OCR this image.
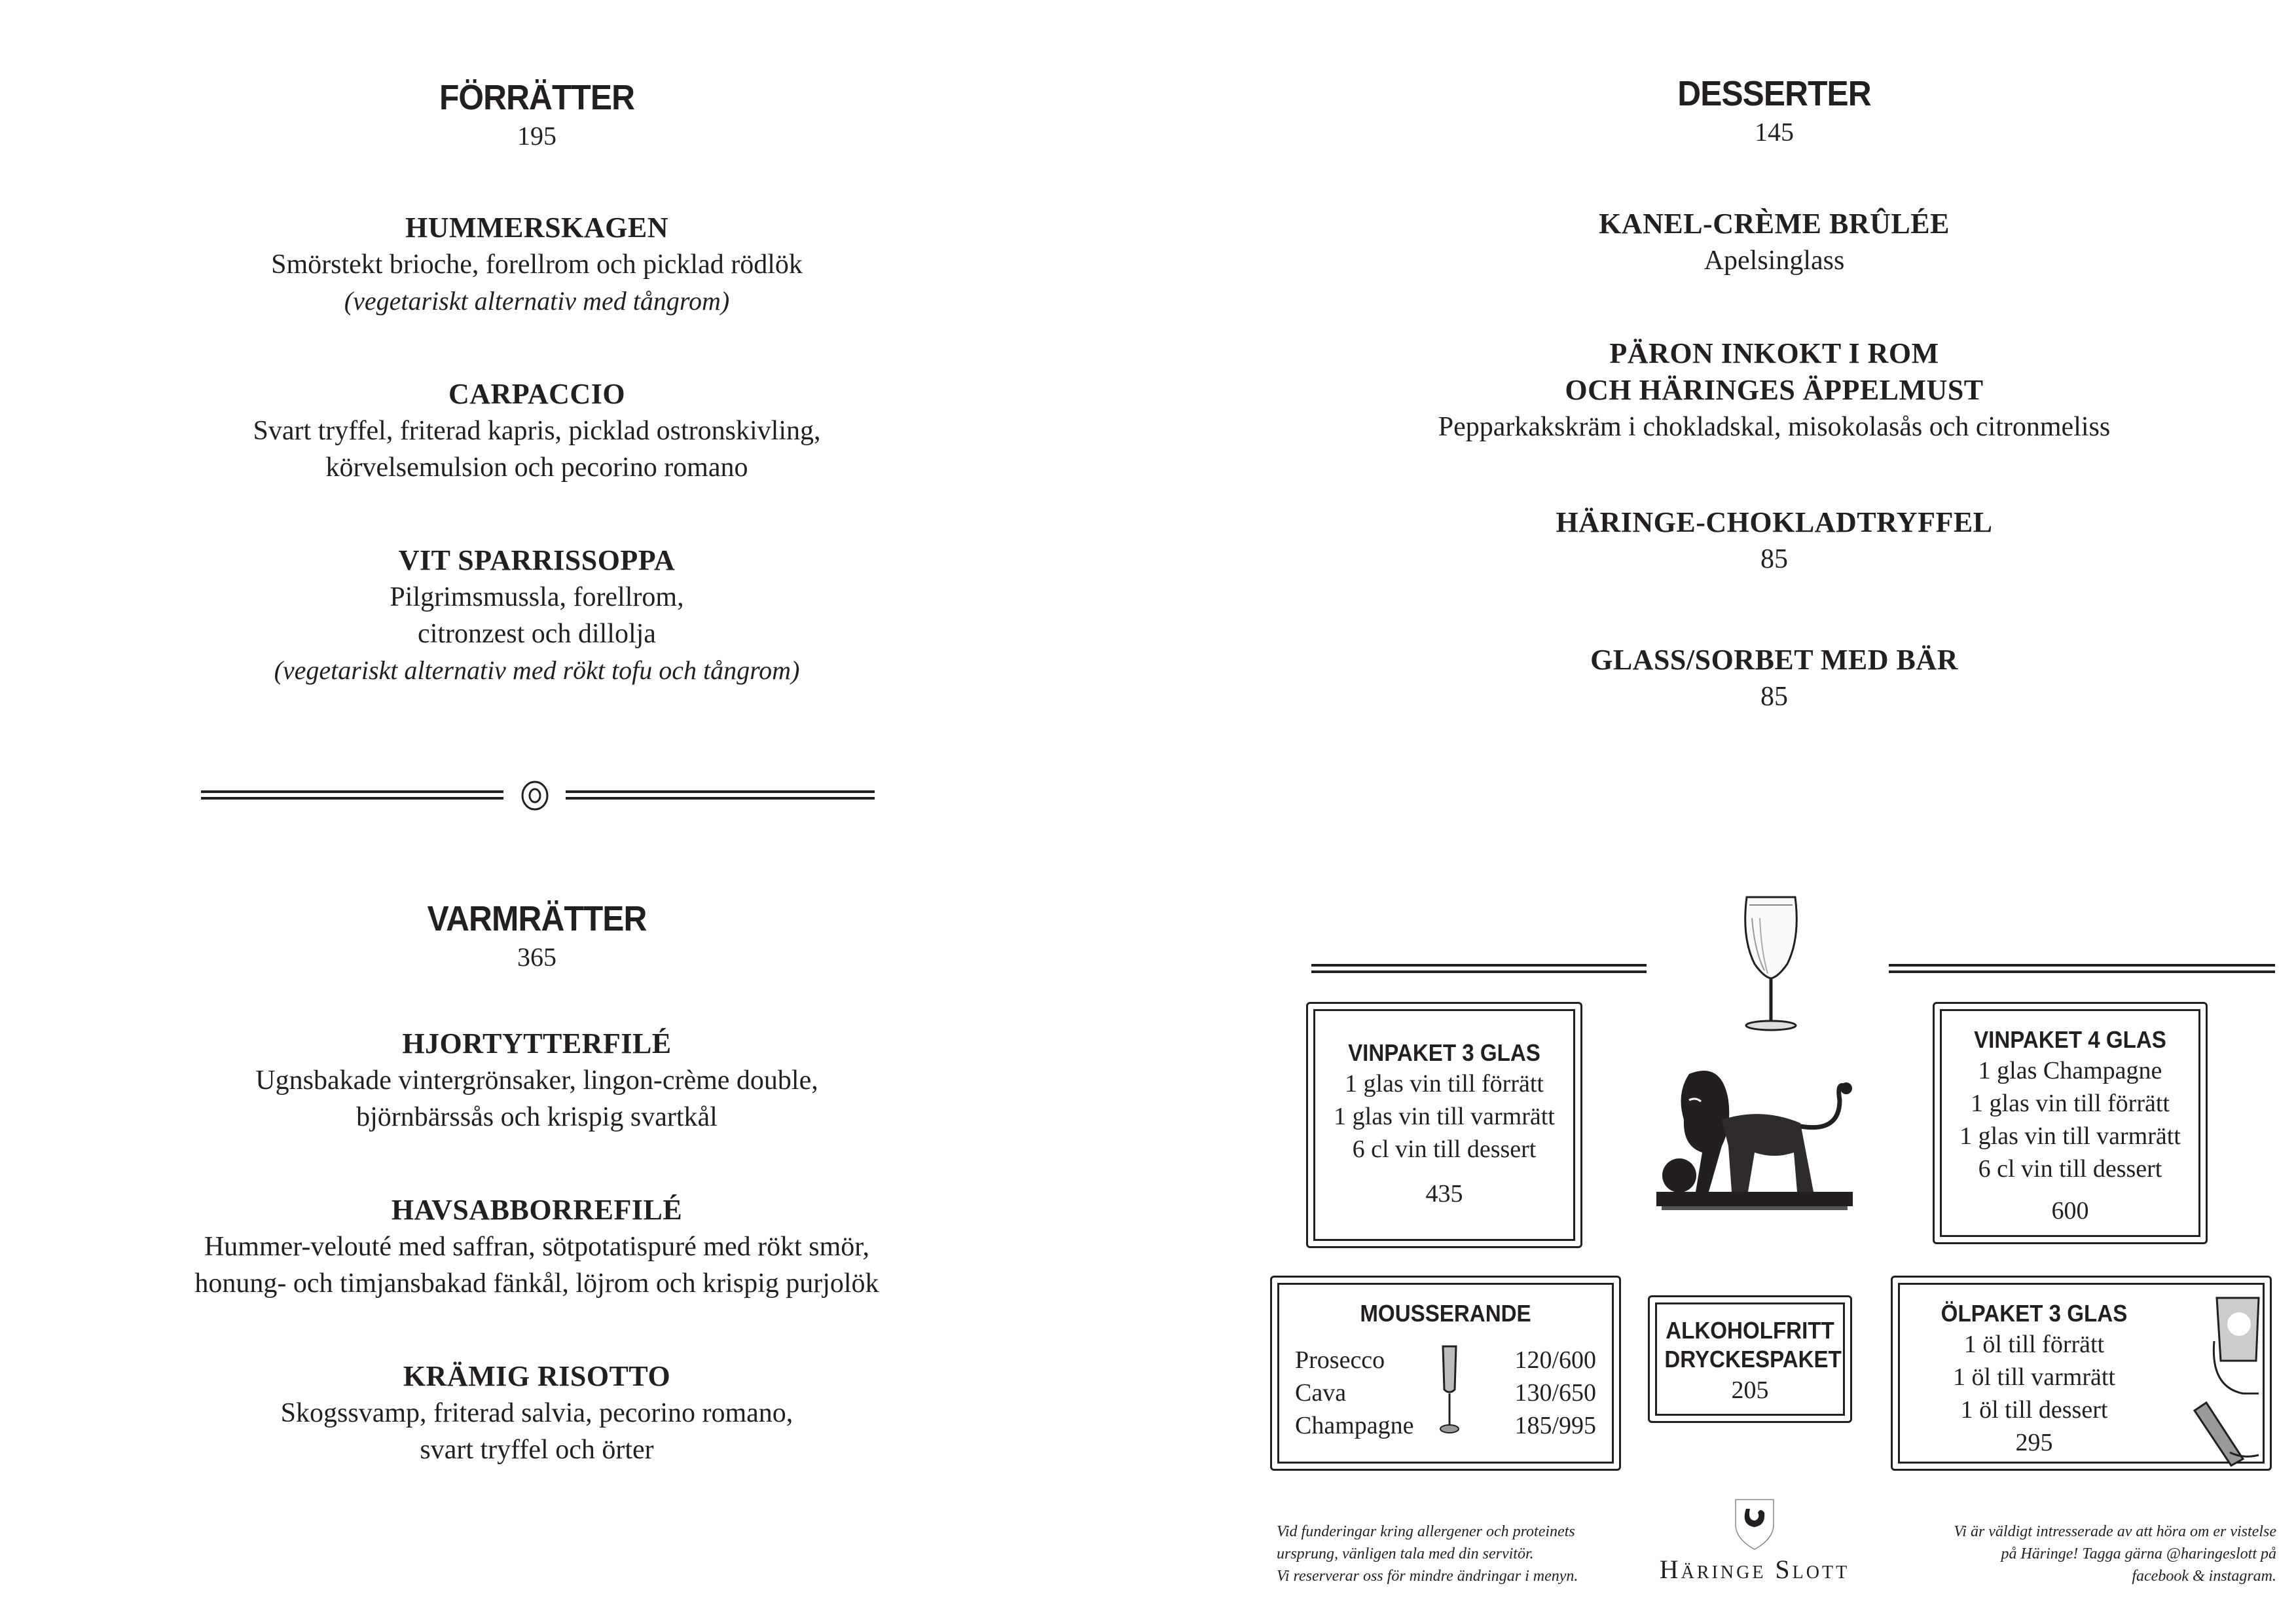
FÖRRÄTTER
195
HUMMERSKAGEN
Smörstekt brioche, forellrom och picklad rödlök
(vegetariskt alternativ med tångrom)
CARPACCIO
Svart tryffel, friterad kapris, picklad ostronskivling,
körvelsemulsion och pecorino romano
VIT SPARRISSOPPA
Pilgrimsmussla, forellrom,
citronzest och dillolja
(vegetariskt alternativ med rökt tofu och tångrom)
VARMRÄTTER
365
HJORTYTTERFILÉ
Ugnsbakade vintergrönsaker, lingon-crème double,
björnbärssås och krispig svartkål
HAVSABBORREFILÉ
Hummer-velouté med saffran, sötpotatispuré med rökt smör,
honung- och timjansbakad fänkål, löjrom och krispig purjolök
KRÄMIG RISOTTO
Skogssvamp, friterad salvia, pecorino romano,
svart tryffel och örter
DESSERTER
145
KANEL-CRÈME BRÛLÉE
Apelsinglass
PÄRON INKOKT I ROM
OCH HÄRINGES ÄPPELMUST
Pepparkakskräm i chokladskal, misokolasås och citronmeliss
HÄRINGE-CHOKLADTRYFFEL
85
GLASS/SORBET MED BÄR
85
VINPAKET 3 GLAS
1 glas vin till förrätt
1 glas vin till varmrätt
6 cl vin till dessert
435
VINPAKET 4 GLAS
1 glas Champagne
1 glas vin till förrätt
1 glas vin till varmrätt
6 cl vin till dessert
600
MOUSSERANDE
Prosecco
Cava
Champagne
120/600
130/650
185/995
ALKOHOLFRITT
DRYCKESPAKET
205
ÖLPAKET 3 GLAS
1 öl till förrätt
1 öl till varmrätt
1 öl till dessert
295
Vid funderingar kring allergener och proteinets
ursprung, vänligen tala med din servitör.
Vi reserverar oss för mindre ändringar i menyn.	Häringe Slott
Vi är väldigt intresserade av att höra om er vistelse
på Häringe! Tagga gärna @haringeslott på
facebook & instagram.
